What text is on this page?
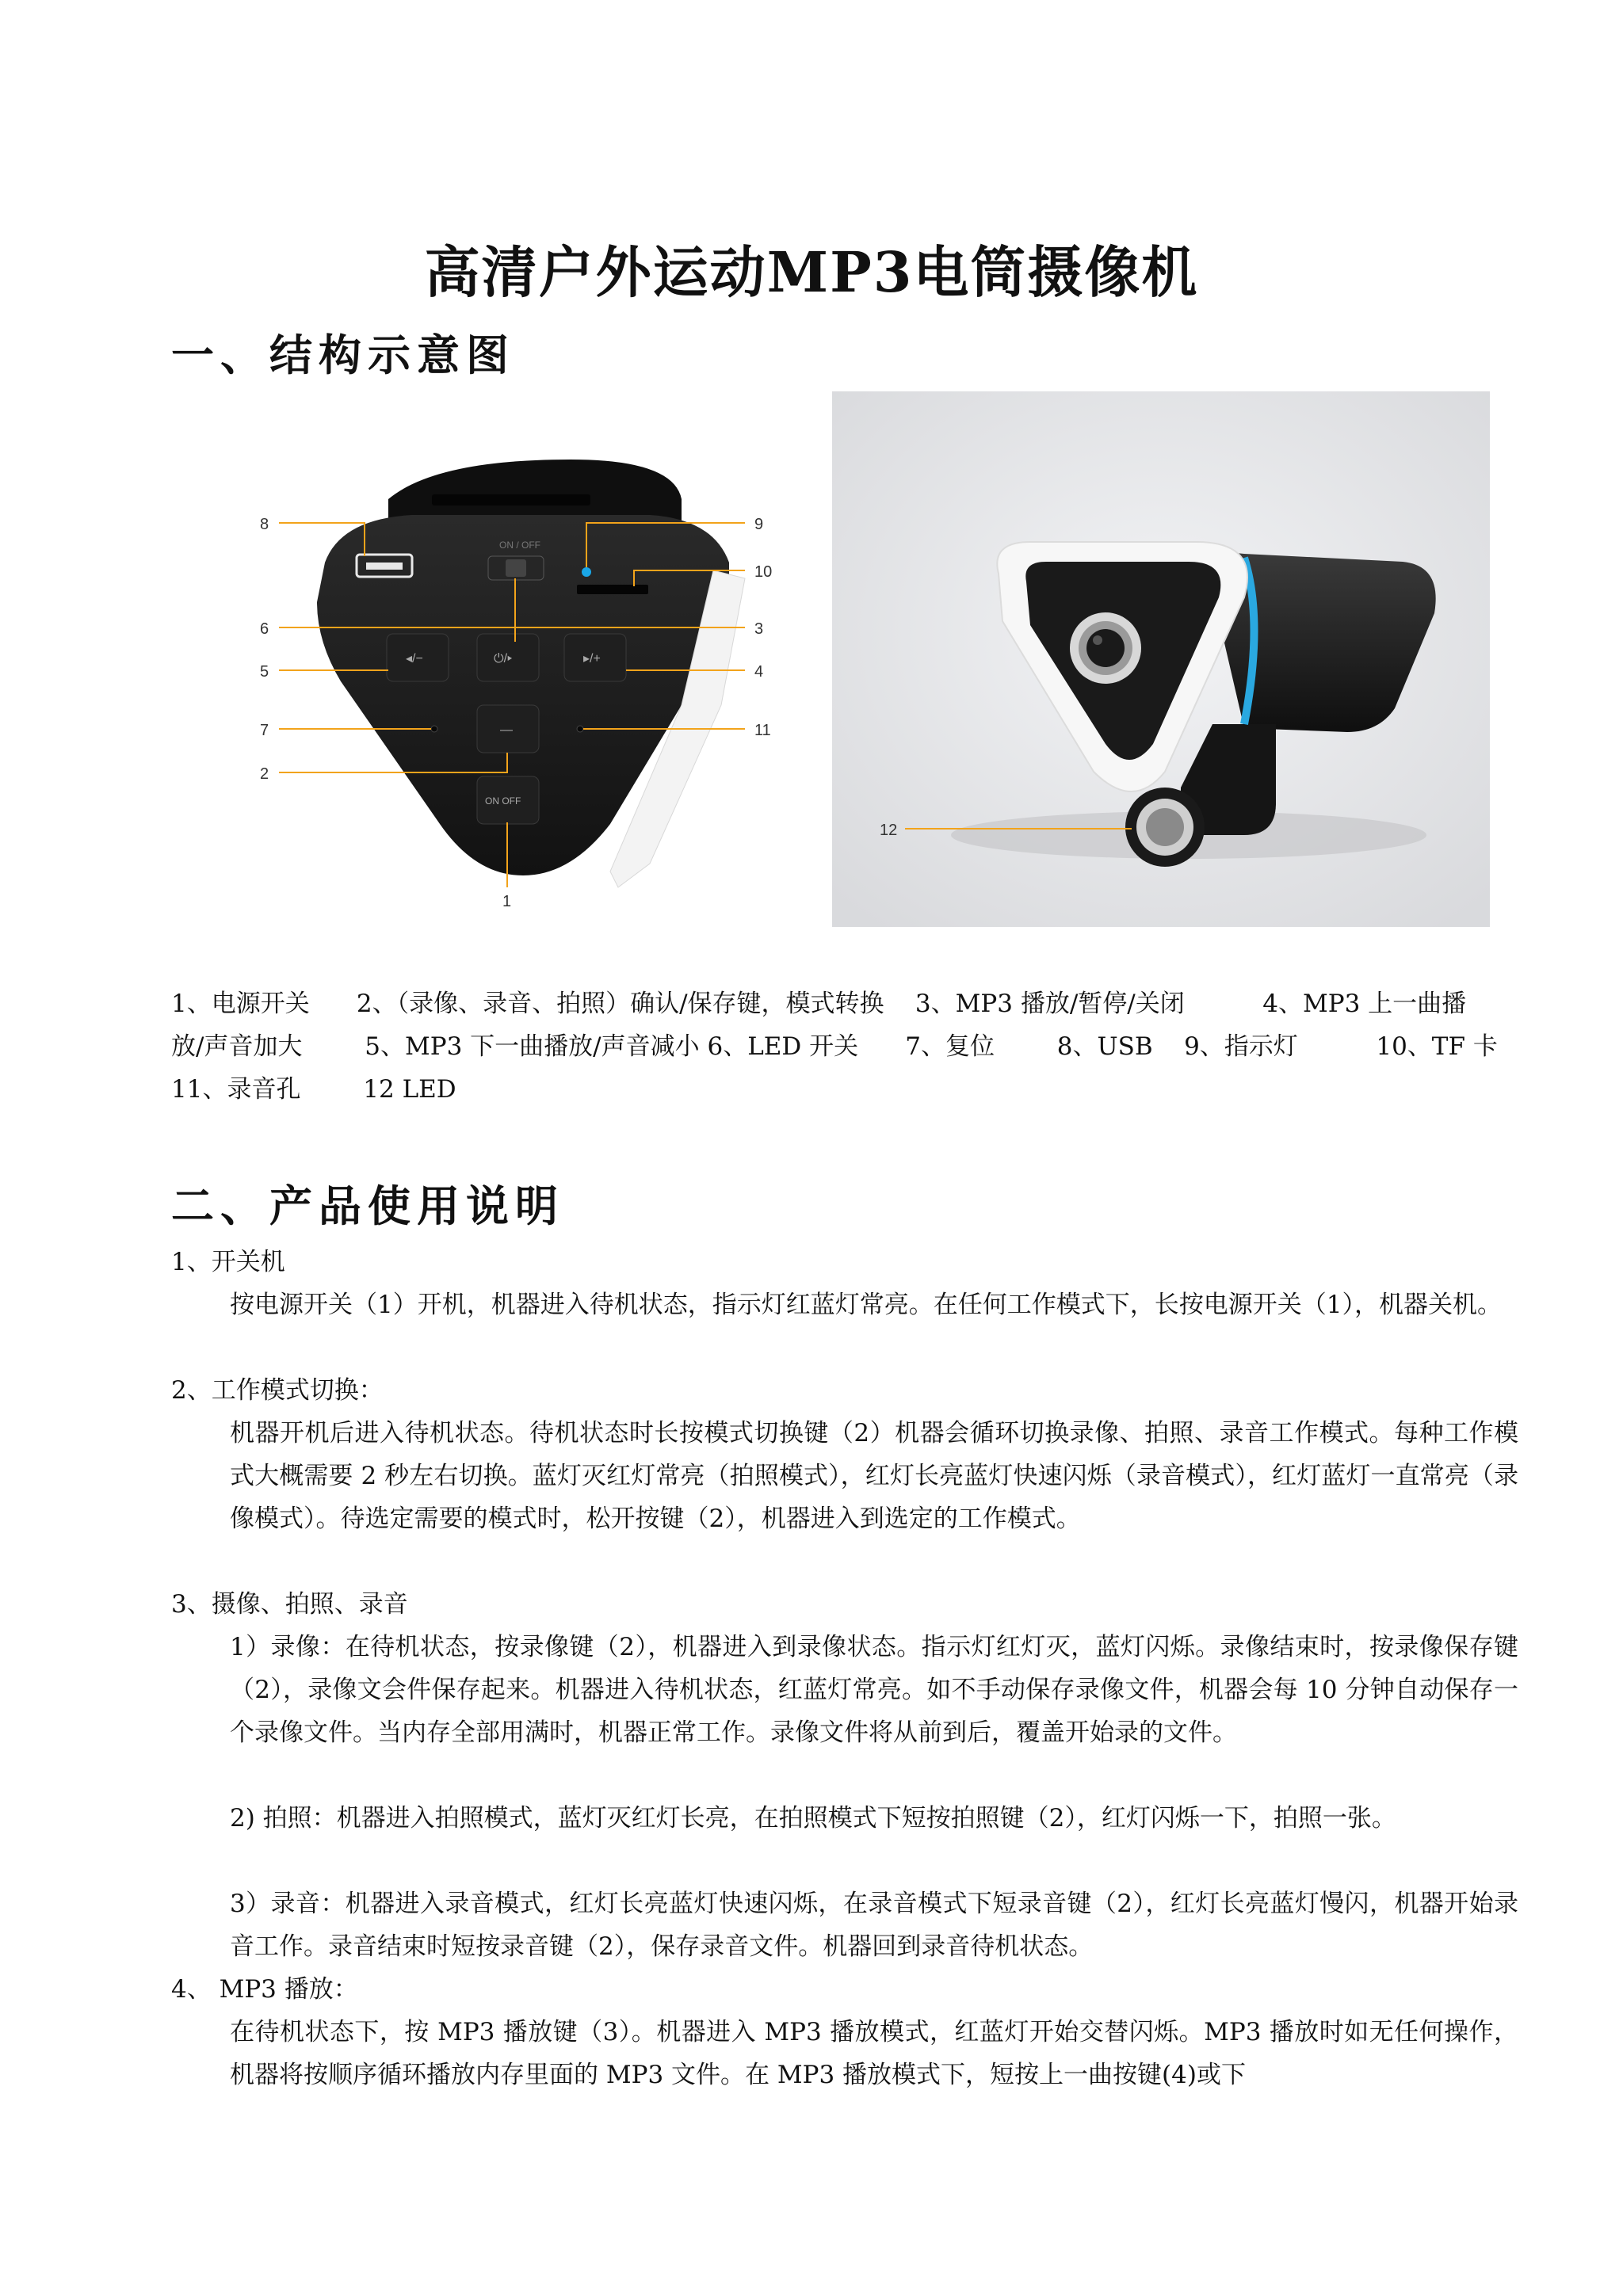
高清户外运动MP3电筒摄像机
一、结构示意图
ON / OFF
◂/−	⏻/▸	▸/+
—
ON OFF
8	9
10
6	3
5	4
7	11
2
1
12
1、电源开关      2、（录像、录音、拍照）确认/保存键，模式转换    3、MP3 播放/暂停/关闭          4、MP3 上一曲播
放/声音加大        5、MP3 下一曲播放/声音减小 6、LED 开关      7、复位        8、USB    9、指示灯          10、TF 卡
11、录音孔        12 LED
二、产品使用说明
1、开关机
按电源开关（1）开机，机器进入待机状态，指示灯红蓝灯常亮。在任何工作模式下，长按电源开关（1），机器关机。
2、工作模式切换：
机器开机后进入待机状态。待机状态时长按模式切换键（2）机器会循环切换录像、拍照、录音工作模式。每种工作模式大概需要 2 秒左右切换。蓝灯灭红灯常亮（拍照模式），红灯长亮蓝灯快速闪烁（录音模式），红灯蓝灯一直常亮（录像模式）。待选定需要的模式时，松开按键（2），机器进入到选定的工作模式。
3、摄像、拍照、录音
1）录像：在待机状态，按录像键（2），机器进入到录像状态。指示灯红灯灭，蓝灯闪烁。录像结束时，按录像保存键（2），录像文会件保存起来。机器进入待机状态，红蓝灯常亮。如不手动保存录像文件，机器会每 10 分钟自动保存一个录像文件。当内存全部用满时，机器正常工作。录像文件将从前到后，覆盖开始录的文件。
2) 拍照：机器进入拍照模式，蓝灯灭红灯长亮，在拍照模式下短按拍照键（2），红灯闪烁一下，拍照一张。
3）录音：机器进入录音模式，红灯长亮蓝灯快速闪烁，在录音模式下短录音键（2），红灯长亮蓝灯慢闪，机器开始录音工作。录音结束时短按录音键（2），保存录音文件。机器回到录音待机状态。
4、 MP3 播放：
在待机状态下，按 MP3 播放键（3）。机器进入 MP3 播放模式，红蓝灯开始交替闪烁。MP3 播放时如无任何操作，机器将按顺序循环播放内存里面的 MP3 文件。在 MP3 播放模式下，短按上一曲按键(4)或下
